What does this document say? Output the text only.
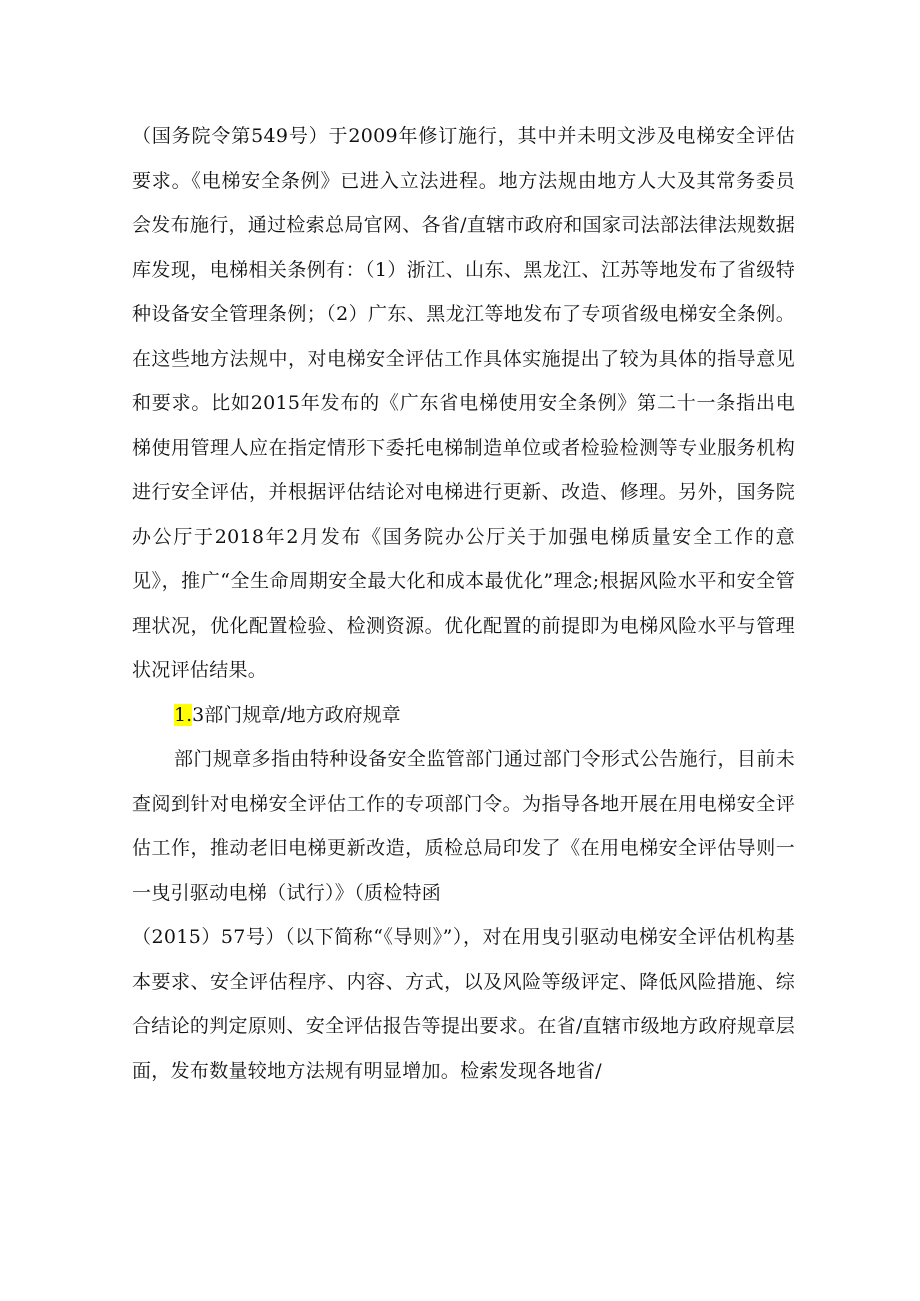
（国务院令第549号）于2009年修订施行，其中并未明文涉及电梯安全评估要求。《电梯安全条例》已进入立法进程。地方法规由地方人大及其常务委员会发布施行，通过检索总局官网、各省/直辖市政府和国家司法部法律法规数据库发现，电梯相关条例有：（1）浙江、山东、黑龙江、江苏等地发布了省级特种设备安全管理条例；（2）广东、黑龙江等地发布了专项省级电梯安全条例。在这些地方法规中，对电梯安全评估工作具体实施提出了较为具体的指导意见和要求。比如2015年发布的《广东省电梯使用安全条例》第二十一条指出电梯使用管理人应在指定情形下委托电梯制造单位或者检验检测等专业服务机构进行安全评估，并根据评估结论对电梯进行更新、改造、修理。另外，国务院办公厅于2018年2月发布《国务院办公厅关于加强电梯质量安全工作的意见》，推广“全生命周期安全最大化和成本最优化”理念;根据风险水平和安全管理状况，优化配置检验、检测资源。优化配置的前提即为电梯风险水平与管理状况评估结果。

1.3部门规章/地方政府规章

部门规章多指由特种设备安全监管部门通过部门令形式公告施行，目前未查阅到针对电梯安全评估工作的专项部门令。为指导各地开展在用电梯安全评估工作，推动老旧电梯更新改造，质检总局印发了《在用电梯安全评估导则一一曳引驱动电梯（试行）》（质检特函

（2015）57号）（以下简称“《导则》”），对在用曳引驱动电梯安全评估机构基本要求、安全评估程序、内容、方式，以及风险等级评定、降低风险措施、综合结论的判定原则、安全评估报告等提出要求。在省/直辖市级地方政府规章层面，发布数量较地方法规有明显增加。检索发现各地省/
